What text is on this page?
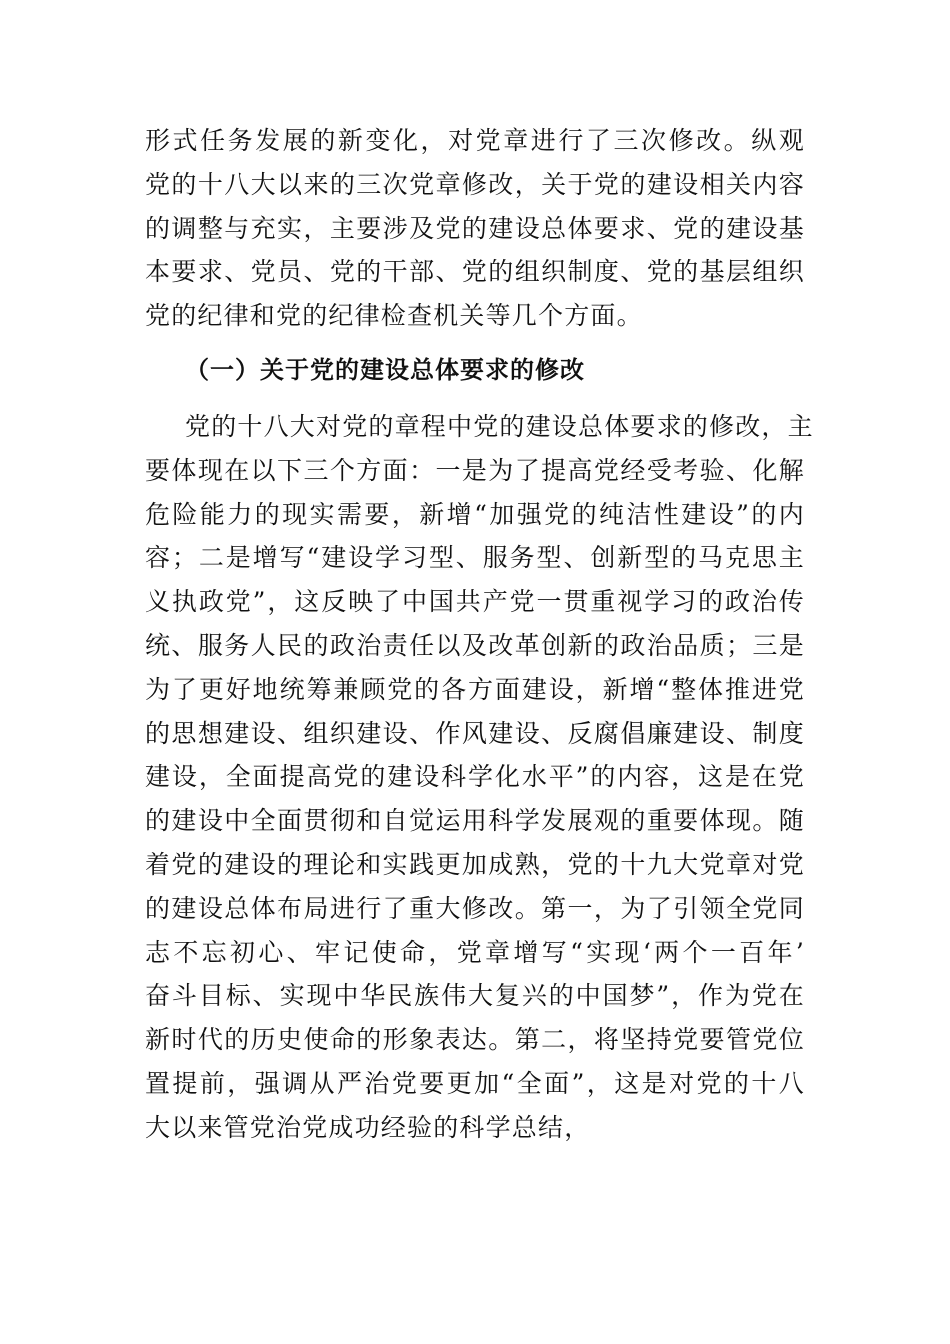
形式任务发展的新变化，对党章进行了三次修改。纵观
党的十八大以来的三次党章修改，关于党的建设相关内容
的调整与充实，主要涉及党的建设总体要求、党的建设基
本要求、党员、党的干部、党的组织制度、党的基层组织
党的纪律和党的纪律检查机关等几个方面。
（一）关于党的建设总体要求的修改
党的十八大对党的章程中党的建设总体要求的修改，主
要体现在以下三个方面：一是为了提高党经受考验、化解
危险能力的现实需要，新增“加强党的纯洁性建设”的内
容；二是增写“建设学习型、服务型、创新型的马克思主
义执政党”，这反映了中国共产党一贯重视学习的政治传
统、服务人民的政治责任以及改革创新的政治品质；三是
为了更好地统筹兼顾党的各方面建设，新增“整体推进党
的思想建设、组织建设、作风建设、反腐倡廉建设、制度
建设，全面提高党的建设科学化水平”的内容，这是在党
的建设中全面贯彻和自觉运用科学发展观的重要体现。随
着党的建设的理论和实践更加成熟，党的十九大党章对党
的建设总体布局进行了重大修改。第一，为了引领全党同
志不忘初心、牢记使命，党章增写“实现‘两个一百年’
奋斗目标、实现中华民族伟大复兴的中国梦”，作为党在
新时代的历史使命的形象表达。第二，将坚持党要管党位
置提前，强调从严治党要更加“全面”，这是对党的十八
大以来管党治党成功经验的科学总结，
